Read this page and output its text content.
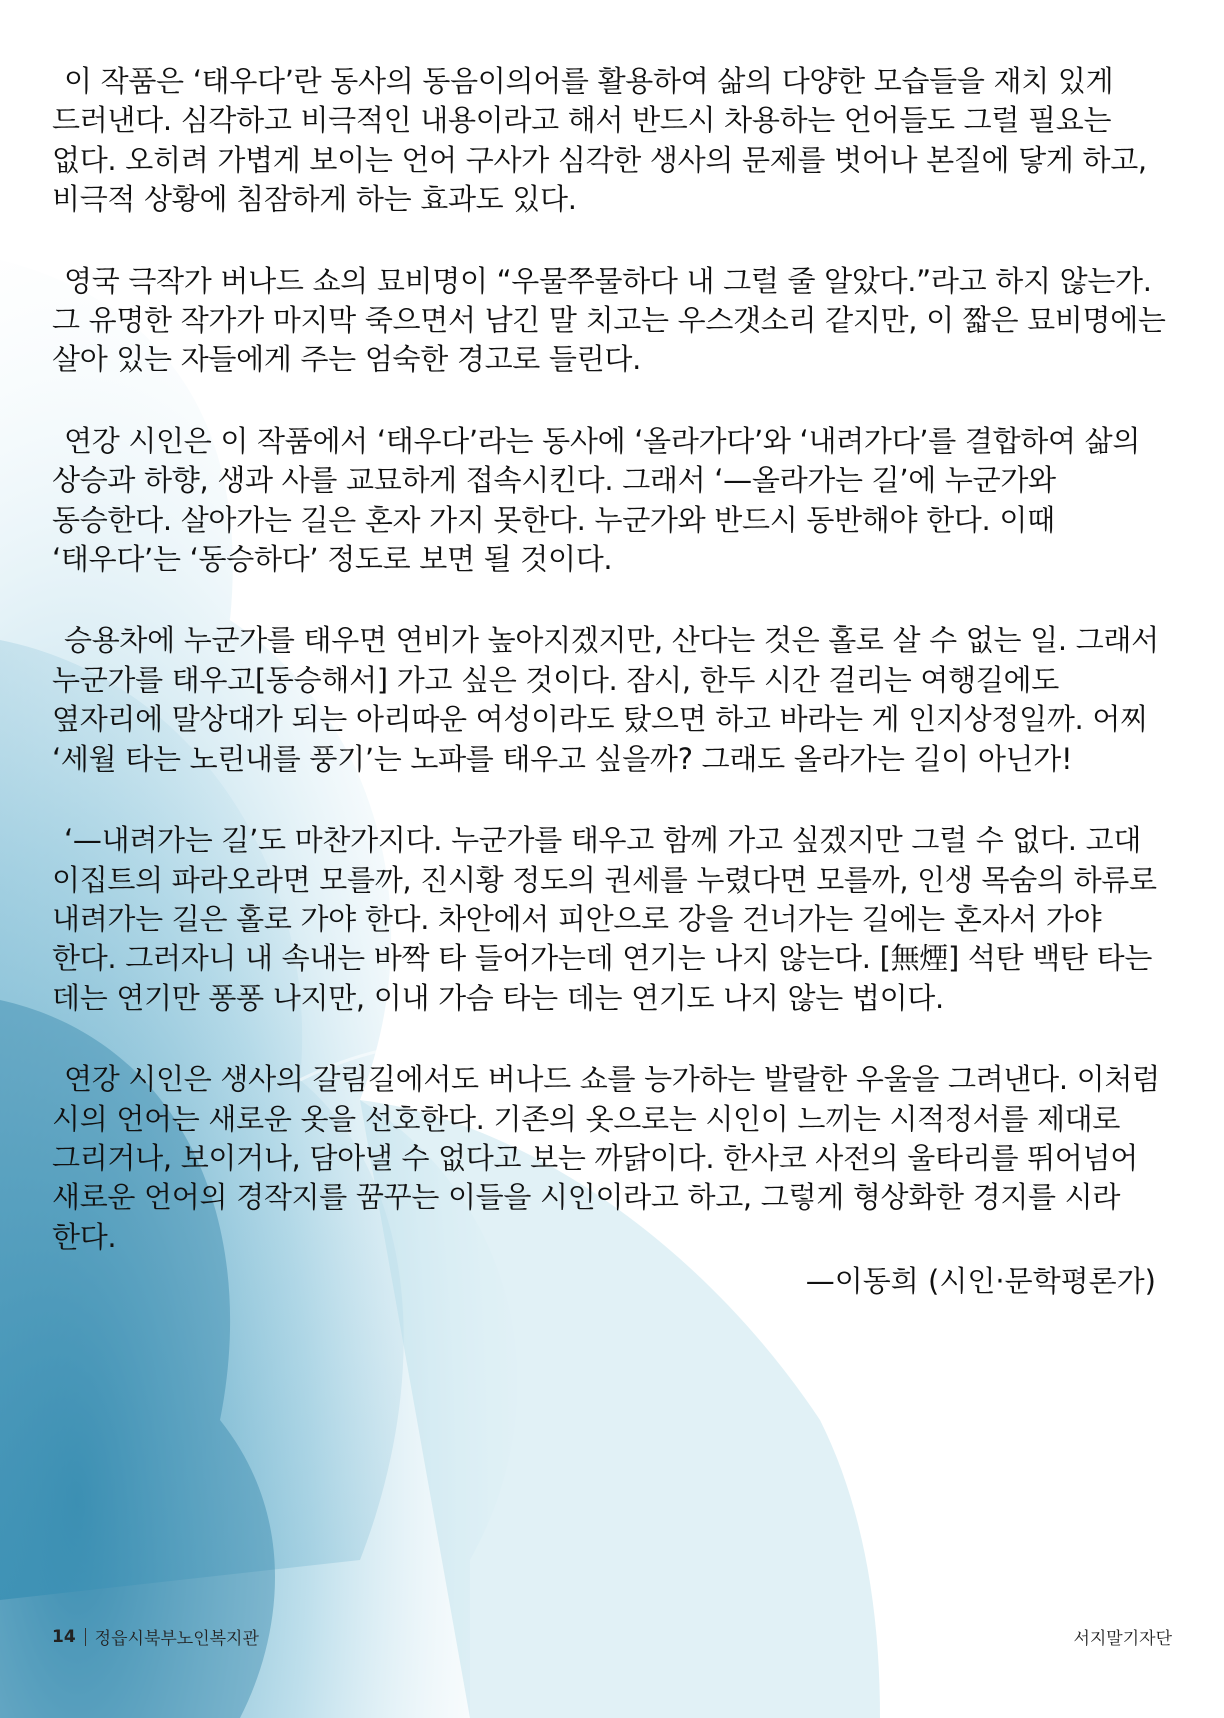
이 작품은 ‘태우다’란 동사의 동음이의어를 활용하여 삶의 다양한 모습들을 재치 있게 드러낸다. 심각하고 비극적인 내용이라고 해서 반드시 차용하는 언어들도 그럴 필요는 없다. 오히려 가볍게 보이는 언어 구사가 심각한 생사의 문제를 벗어나 본질에 닿게 하고, 비극적 상황에 침잠하게 하는 효과도 있다.

영국 극작가 버나드 쇼의 묘비명이 “우물쭈물하다 내 그럴 줄 알았다.”라고 하지 않는가. 그 유명한 작가가 마지막 죽으면서 남긴 말 치고는 우스갯소리 같지만, 이 짧은 묘비명에는 살아 있는 자들에게 주는 엄숙한 경고로 들린다.

연강 시인은 이 작품에서 ‘태우다’라는 동사에 ‘올라가다’와 ‘내려가다’를 결합하여 삶의 상승과 하향, 생과 사를 교묘하게 접속시킨다. 그래서 ‘—올라가는 길’에 누군가와 동승한다. 살아가는 길은 혼자 가지 못한다. 누군가와 반드시 동반해야 한다. 이때 ‘태우다’는 ‘동승하다’ 정도로 보면 될 것이다.

승용차에 누군가를 태우면 연비가 높아지겠지만, 산다는 것은 홀로 살 수 없는 일. 그래서 누군가를 태우고[동승해서] 가고 싶은 것이다. 잠시, 한두 시간 걸리는 여행길에도 옆자리에 말상대가 되는 아리따운 여성이라도 탔으면 하고 바라는 게 인지상정일까. 어찌 ‘세월 타는 노린내를 풍기’는 노파를 태우고 싶을까? 그래도 올라가는 길이 아닌가!

‘—내려가는 길’도 마찬가지다. 누군가를 태우고 함께 가고 싶겠지만 그럴 수 없다. 고대 이집트의 파라오라면 모를까, 진시황 정도의 권세를 누렸다면 모를까, 인생 목숨의 하류로 내려가는 길은 홀로 가야 한다. 차안에서 피안으로 강을 건너가는 길에는 혼자서 가야 한다. 그러자니 내 속내는 바짝 타 들어가는데 연기는 나지 않는다. [無煙] 석탄 백탄 타는 데는 연기만 퐁퐁 나지만, 이내 가슴 타는 데는 연기도 나지 않는 법이다.

연강 시인은 생사의 갈림길에서도 버나드 쇼를 능가하는 발랄한 우울을 그려낸다. 이처럼 시의 언어는 새로운 옷을 선호한다. 기존의 옷으로는 시인이 느끼는 시적정서를 제대로 그리거나, 보이거나, 담아낼 수 없다고 보는 까닭이다. 한사코 사전의 울타리를 뛰어넘어 새로운 언어의 경작지를 꿈꾸는 이들을 시인이라고 하고, 그렇게 형상화한 경지를 시라 한다.

—이동희 (시인·문학평론가)
14 정읍시북부노인복지관	서지말기자단
